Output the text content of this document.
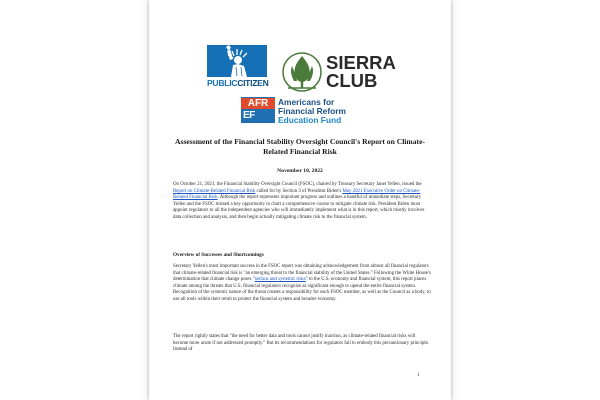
PUBLICCITIZEN
SIERRA
CLUB
AFR
EF
Americans for
Financial Reform
Education Fund
Assessment of the Financial Stability Oversight Council's Report on Climate-Related Financial Risk
November 10, 2022
On October 21, 2021, the Financial Stability Oversight Council (FSOC), chaired by Treasury Secretary Janet Yellen, issued the Report on Climate-Related Financial Risk called for by Section 3 of President Biden's May 2021 Executive Order on Climate-Related Financial Risk. Although the report represents important progress and outlines a handful of immediate steps, Secretary Yellen and the FSOC missed a key opportunity to chart a comprehensive course to mitigate climate risk. President Biden must appoint regulators to all the independent agencies who will immediately implement what is in this report, which mostly involves data collection and analysis, and then begin actually mitigating climate risk to the financial system.
Overview of Successes and Shortcomings
Secretary Yellen's most important success in the FSOC report was obtaining acknowledgement from almost all financial regulators that climate-related financial risk is "an emerging threat to the financial stability of the United States." Following the White House's determination that climate change poses "serious and systemic risks" to the U.S. economy and financial system, this report places climate among the threats that U.S. financial regulators recognize as significant enough to upend the entire financial system. Recognition of the systemic nature of the threat creates a responsibility for each FSOC member, as well as the Council as a body, to use all tools within their remit to protect the financial system and broader economy.
The report rightly states that "the need for better data and tools cannot justify inaction, as climate-related financial risks will become more acute if not addressed promptly." But its recommendations for regulators fail to embody this precautionary principle. Instead of
1
